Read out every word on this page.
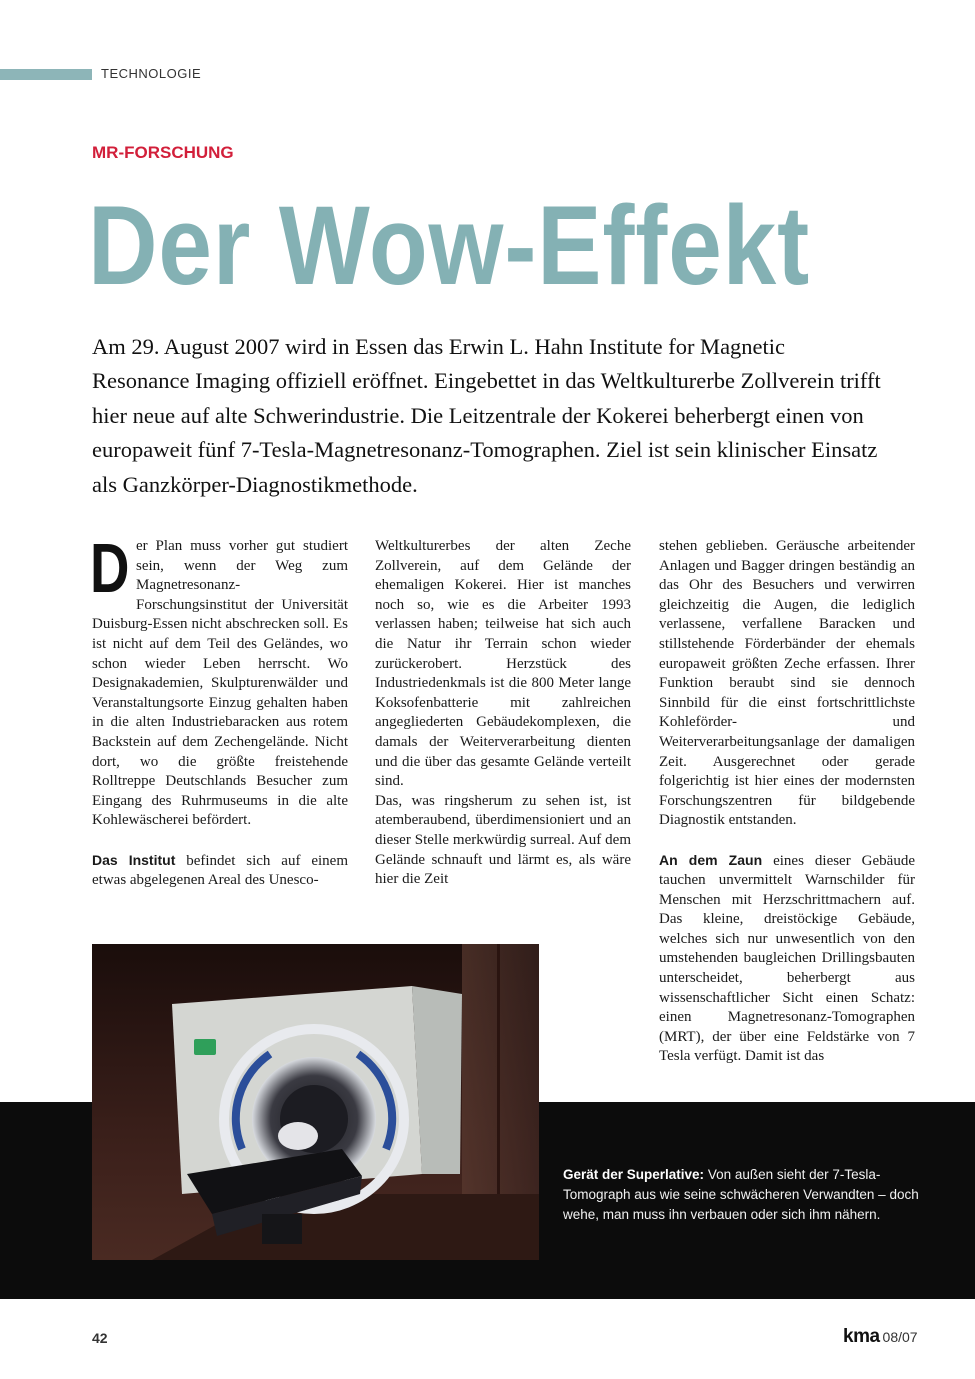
TECHNOLOGIE
MR-FORSCHUNG
Der Wow-Effekt
Am 29. August 2007 wird in Essen das Erwin L. Hahn Institute for Magnetic Resonance Imaging offiziell eröffnet. Eingebettet in das Weltkulturerbe Zollverein trifft hier neue auf alte Schwerindustrie. Die Leitzentrale der Kokerei beherbergt einen von europaweit fünf 7-Tesla-Magnetresonanz-Tomographen. Ziel ist sein klinischer Einsatz als Ganzkörper-Diagnostikmethode.

Der Plan muss vorher gut studiert sein, wenn der Weg zum Magnetresonanz-Forschungsinstitut der Universität Duisburg-Essen nicht abschrecken soll. Es ist nicht auf dem Teil des Geländes, wo schon wieder Leben herrscht. Wo Designakademien, Skulpturenwälder und Veranstaltungsorte Einzug gehalten haben in die alten Industriebaracken aus rotem Backstein auf dem Zechengelände. Nicht dort, wo die größte freistehende Rolltreppe Deutschlands Besucher zum Eingang des Ruhrmuseums in die alte Kohlewäscherei befördert.

Das Institut befindet sich auf einem etwas abgelegenen Areal des Unesco-

Weltkulturerbes der alten Zeche Zollverein, auf dem Gelände der ehemaligen Kokerei. Hier ist manches noch so, wie es die Arbeiter 1993 verlassen haben; teilweise hat sich auch die Natur ihr Terrain schon wieder zurückerobert. Herzstück des Industriedenkmals ist die 800 Meter lange Koksofenbatterie mit zahlreichen angegliederten Gebäudekomplexen, die damals der Weiterverarbeitung dienten und die über das gesamte Gelände verteilt sind.

Das, was ringsherum zu sehen ist, ist atemberaubend, überdimensioniert und an dieser Stelle merkwürdig surreal. Auf dem Gelände schnauft und lärmt es, als wäre hier die Zeit

stehen geblieben. Geräusche arbeitender Anlagen und Bagger dringen beständig an das Ohr des Besuchers und verwirren gleichzeitig die Augen, die lediglich verlassene, verfallene Baracken und stillstehende Förderbänder der ehemals europaweit größten Zeche erfassen. Ihrer Funktion beraubt sind sie dennoch Sinnbild für die einst fortschrittlichste Kohleförder- und Weiterverarbeitungsanlage der damaligen Zeit. Ausgerechnet oder gerade folgerichtig ist hier eines der modernsten Forschungszentren für bildgebende Diagnostik entstanden.

An dem Zaun eines dieser Gebäude tauchen unvermittelt Warnschilder für Menschen mit Herzschrittmachern auf. Das kleine, dreistöckige Gebäude, welches sich nur unwesentlich von den umstehenden baugleichen Drillingsbauten unterscheidet, beherbergt aus wissenschaftlicher Sicht einen Schatz: einen Magnetresonanz-Tomographen (MRT), der über eine Feldstärke von 7 Tesla verfügt. Damit ist das

Gerät der Superlative: Von außen sieht der 7-Tesla-Tomograph aus wie seine schwächeren Verwandten – doch wehe, man muss ihn verbauen oder sich ihm nähern.
42	kma 08/07
